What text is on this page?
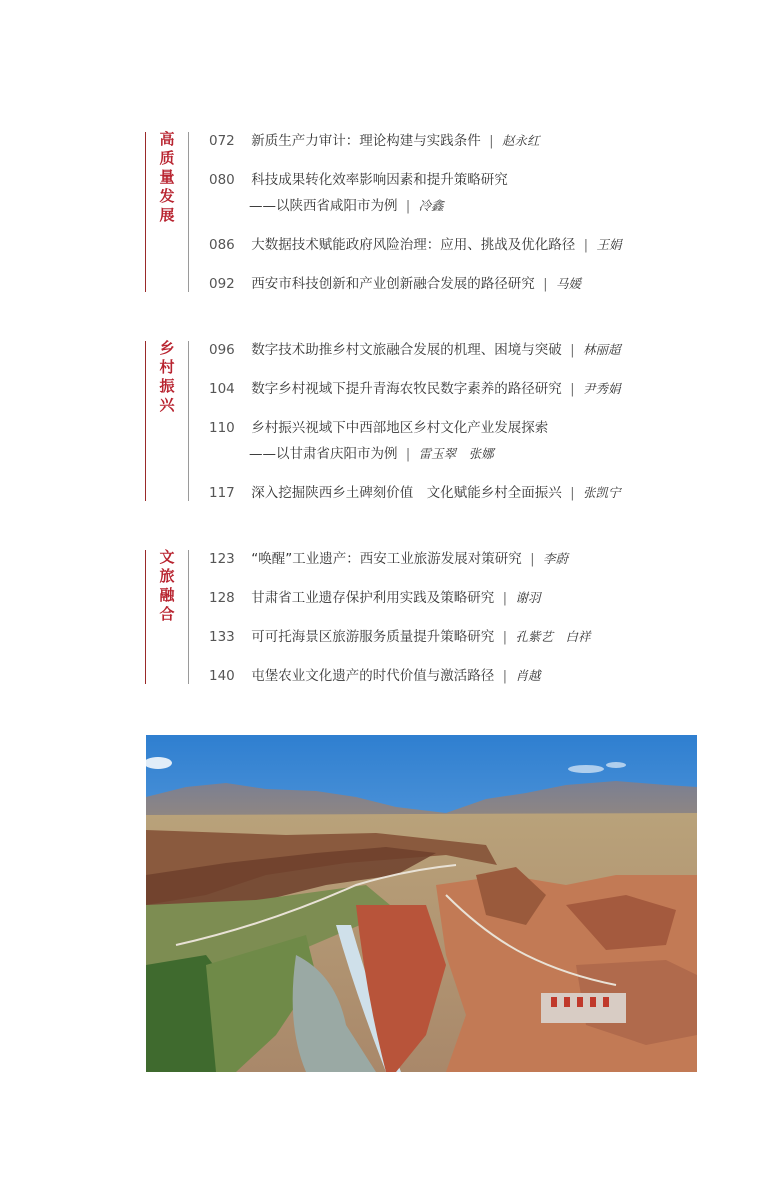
高质量发展
072 新质生产力审计：理论构建与实践条件 | 赵永红
080 科技成果转化效率影响因素和提升策略研究
——以陕西省咸阳市为例 | 冷鑫
086 大数据技术赋能政府风险治理：应用、挑战及优化路径 | 王娟
092 西安市科技创新和产业创新融合发展的路径研究 | 马媛
乡村振兴
096 数字技术助推乡村文旅融合发展的机理、困境与突破 | 林丽超
104 数字乡村视域下提升青海农牧民数字素养的路径研究 | 尹秀娟
110 乡村振兴视域下中西部地区乡村文化产业发展探索
——以甘肃省庆阳市为例 | 雷玉翠　张娜
117 深入挖掘陕西乡土碑刻价值　文化赋能乡村全面振兴 | 张凯宁
文旅融合
123 “唤醒”工业遗产：西安工业旅游发展对策研究 | 李蔚
128 甘肃省工业遗存保护利用实践及策略研究 | 谢羽
133 可可托海景区旅游服务质量提升策略研究 | 孔紫艺　白祥
140 屯堡农业文化遗产的时代价值与激活路径 | 肖越
